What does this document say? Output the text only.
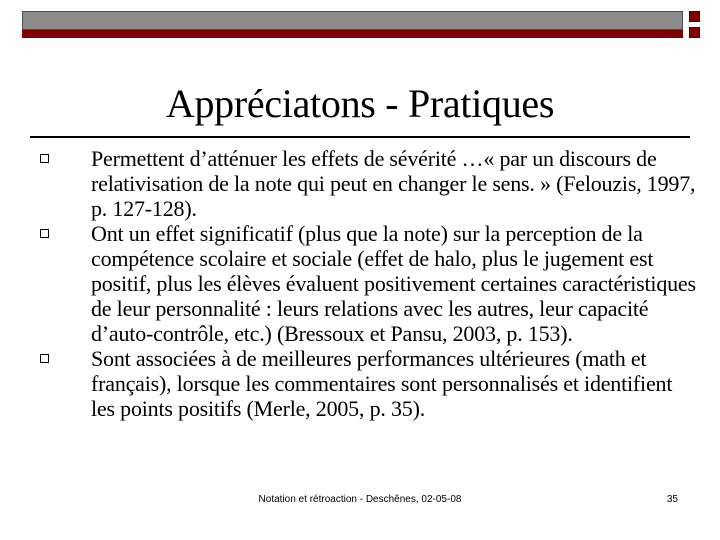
Appréciatons - Pratiques
Permettent d’atténuer les effets de sévérité …« par un discours de relativisation de la note qui peut en changer le sens. » (Felouzis, 1997, p. 127-128).
Ont un effet significatif (plus que la note) sur la perception de la compétence scolaire et sociale (effet de halo, plus le jugement est positif, plus les élèves évaluent positivement certaines caractéristiques de leur personnalité : leurs relations avec les autres, leur capacité d’auto-contrôle, etc.) (Bressoux et Pansu, 2003, p. 153).
Sont associées à de meilleures performances ultérieures (math et français), lorsque les commentaires sont personnalisés et identifient les points positifs (Merle, 2005, p. 35).
Notation et rétroaction - Deschênes, 02-05-08	35
